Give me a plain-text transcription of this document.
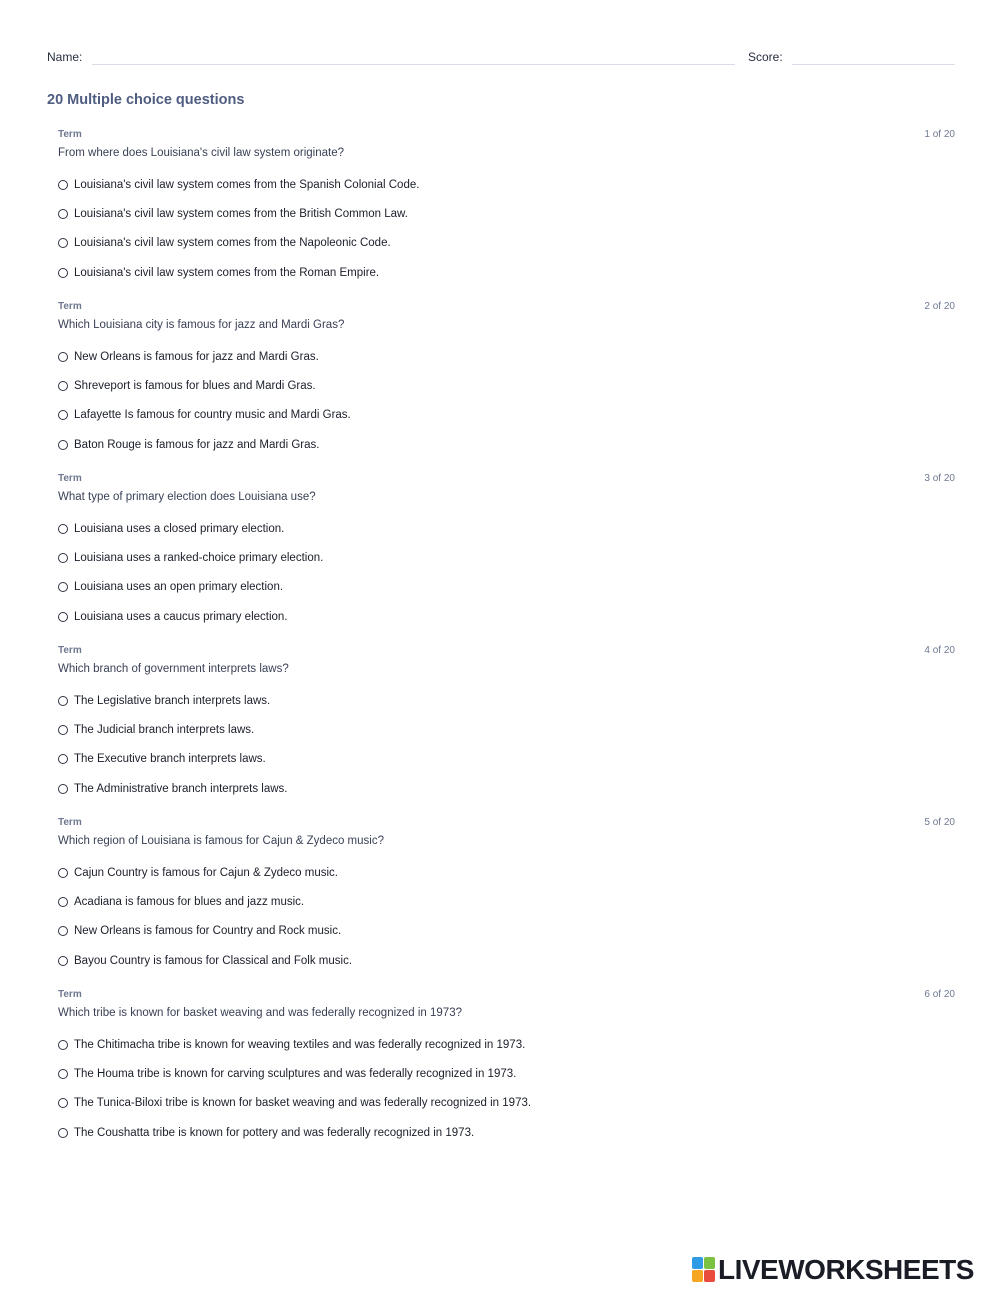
Name:	Score:
20 Multiple choice questions
Term	1 of 20
From where does Louisiana's civil law system originate?
Louisiana's civil law system comes from the Spanish Colonial Code.
Louisiana's civil law system comes from the British Common Law.
Louisiana's civil law system comes from the Napoleonic Code.
Louisiana's civil law system comes from the Roman Empire.
Term	2 of 20
Which Louisiana city is famous for jazz and Mardi Gras?
New Orleans is famous for jazz and Mardi Gras.
Shreveport is famous for blues and Mardi Gras.
Lafayette Is famous for country music and Mardi Gras.
Baton Rouge is famous for jazz and Mardi Gras.
Term	3 of 20
What type of primary election does Louisiana use?
Louisiana uses a closed primary election.
Louisiana uses a ranked-choice primary election.
Louisiana uses an open primary election.
Louisiana uses a caucus primary election.
Term	4 of 20
Which branch of government interprets laws?
The Legislative branch interprets laws.
The Judicial branch interprets laws.
The Executive branch interprets laws.
The Administrative branch interprets laws.
Term	5 of 20
Which region of Louisiana is famous for Cajun & Zydeco music?
Cajun Country is famous for Cajun & Zydeco music.
Acadiana is famous for blues and jazz music.
New Orleans is famous for Country and Rock music.
Bayou Country is famous for Classical and Folk music.
Term	6 of 20
Which tribe is known for basket weaving and was federally recognized in 1973?
The Chitimacha tribe is known for weaving textiles and was federally recognized in 1973.
The Houma tribe is known for carving sculptures and was federally recognized in 1973.
The Tunica-Biloxi tribe is known for basket weaving and was federally recognized in 1973.
The Coushatta tribe is known for pottery and was federally recognized in 1973.
LIVEWORKSHEETS
